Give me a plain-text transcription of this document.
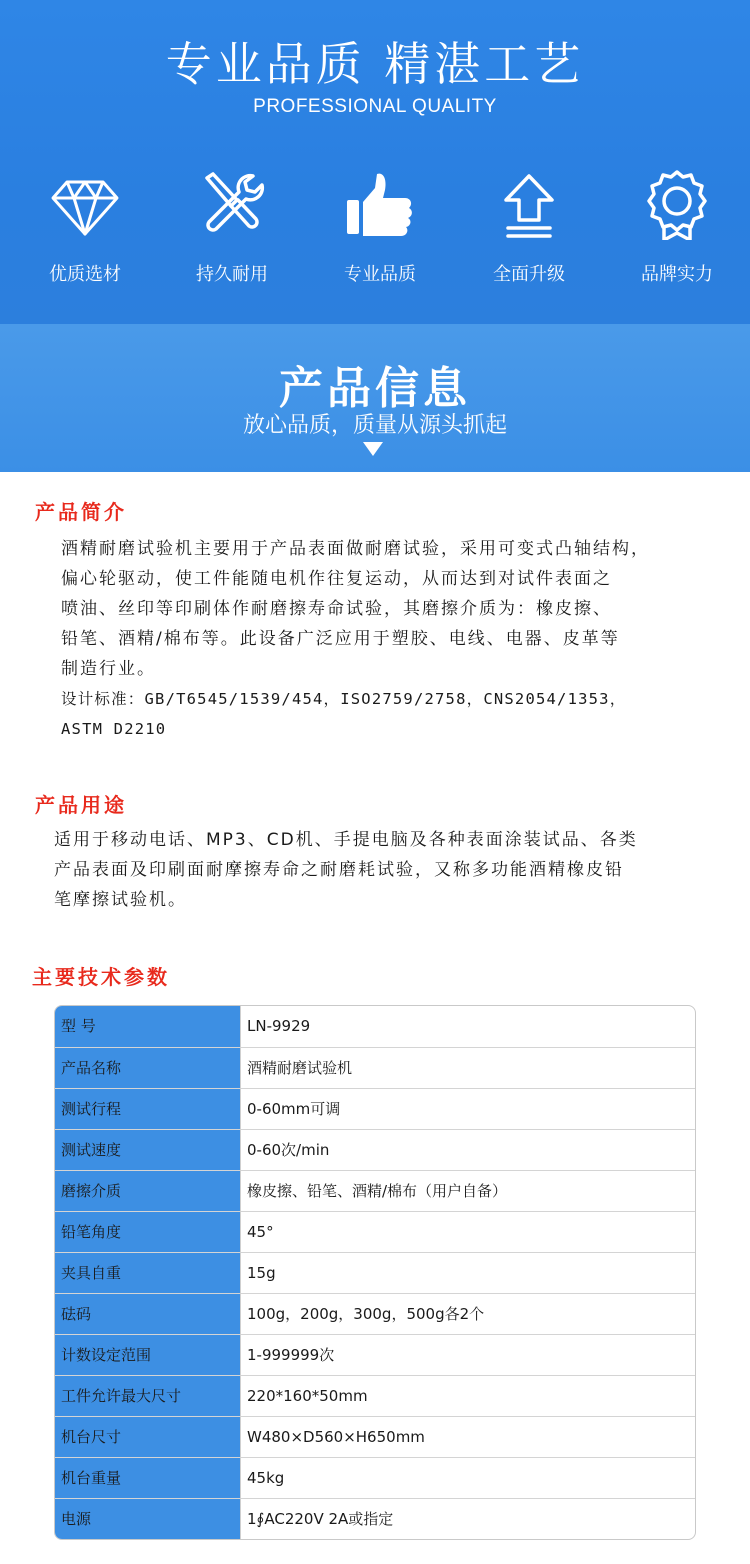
专业品质 精湛工艺
PROFESSIONAL QUALITY
优质选材	持久耐用	专业品质	全面升级	品牌实力
产品信息
放心品质，质量从源头抓起
产品简介
酒精耐磨试验机主要用于产品表面做耐磨试验，采用可变式凸轴结构，
偏心轮驱动，使工件能随电机作往复运动，从而达到对试件表面之
喷油、丝印等印刷体作耐磨擦寿命试验，其磨擦介质为：橡皮擦、
铅笔、酒精/棉布等。此设备广泛应用于塑胶、电线、电器、皮革等
制造行业。
设计标准：GB/T6545/1539/454，ISO2759/2758，CNS2054/1353，
ASTM D2210
产品用途
适用于移动电话、MP3、CD机、手提电脑及各种表面涂装试品、各类
产品表面及印刷面耐摩擦寿命之耐磨耗试验，又称多功能酒精橡皮铅
笔摩擦试验机。
主要技术参数
型 号	LN-9929
产品名称	酒精耐磨试验机
测试行程	0-60mm可调
测试速度	0-60次/min
磨擦介质	橡皮擦、铅笔、酒精/棉布（用户自备）
铅笔角度	45°
夹具自重	15g
砝码	100g，200g，300g，500g各2个
计数设定范围	1-999999次
工件允许最大尺寸	220*160*50mm
机台尺寸	W480×D560×H650mm
机台重量	45kg
电源	1∮AC220V 2A或指定
